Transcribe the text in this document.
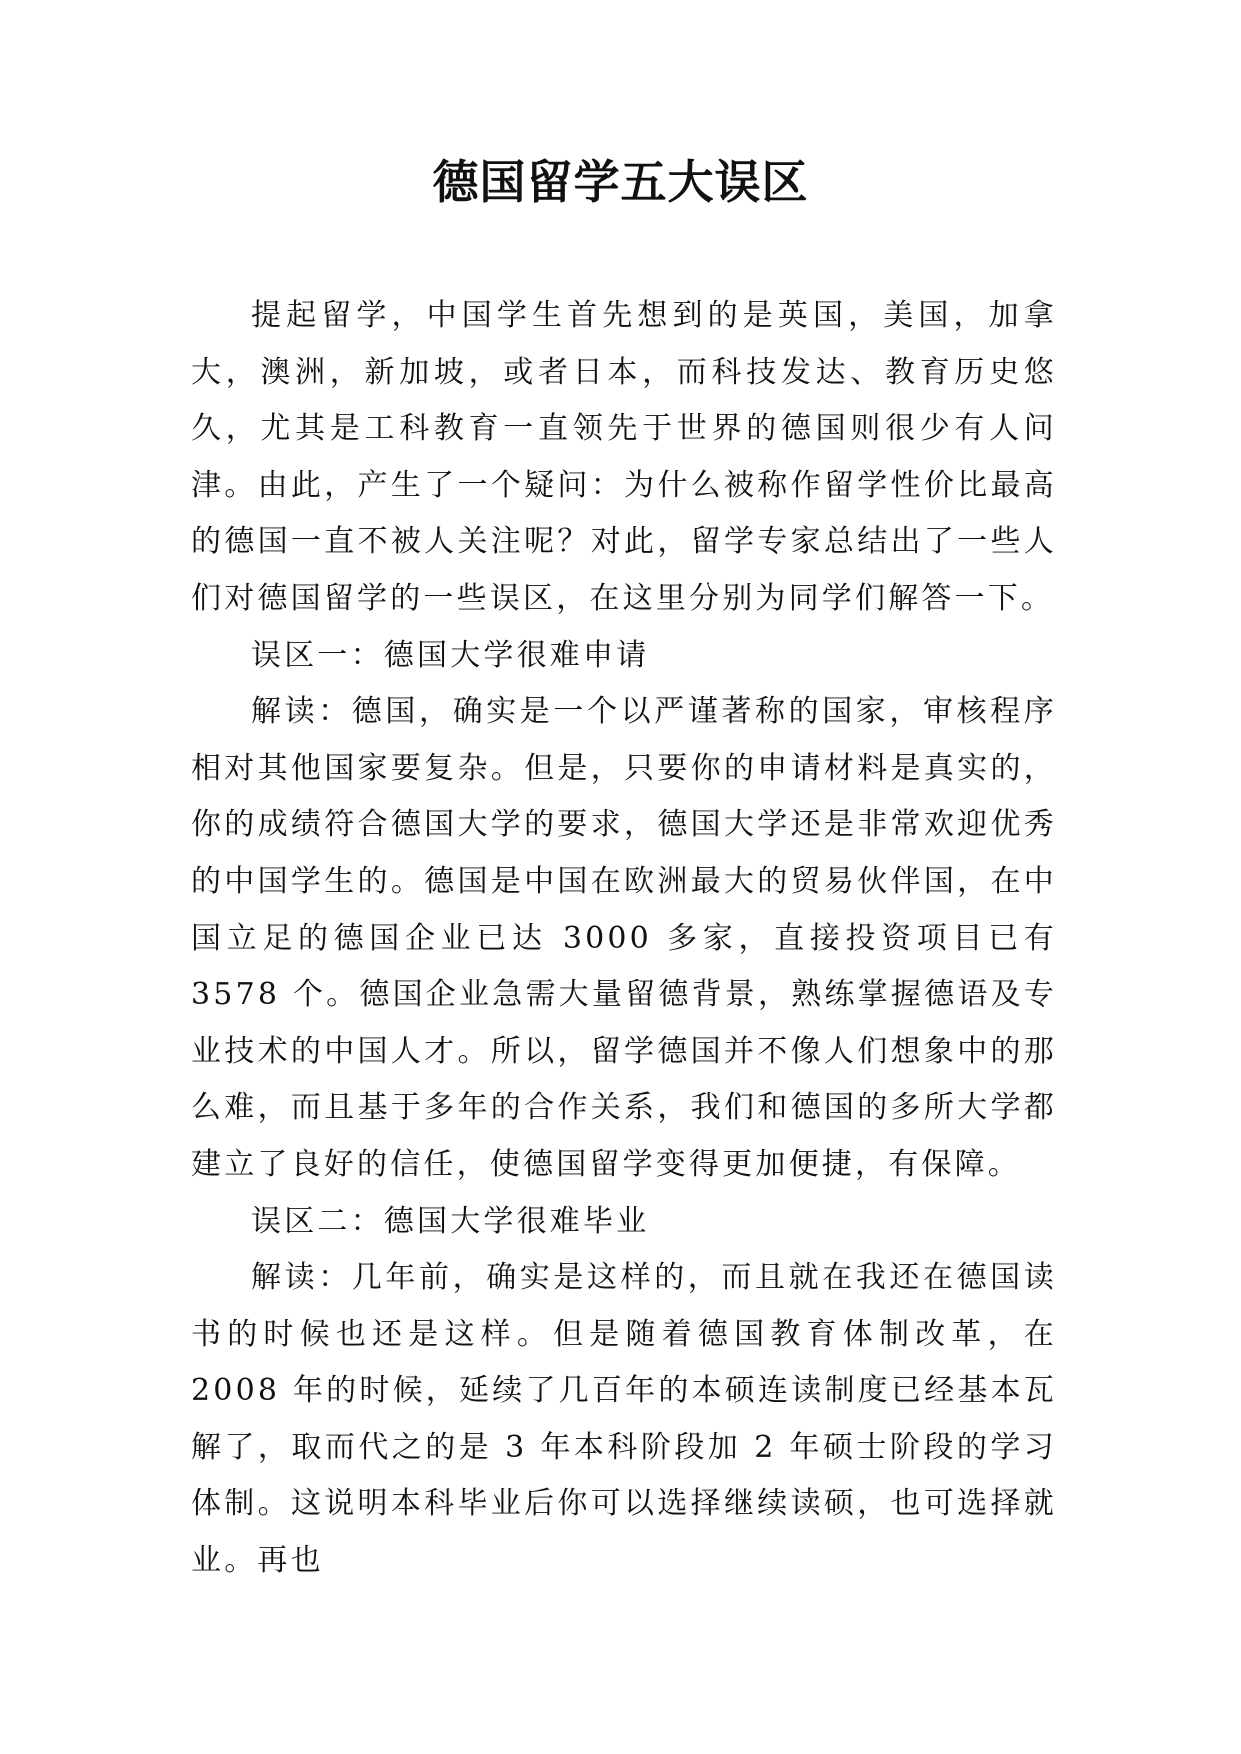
德国留学五大误区

提起留学，中国学生首先想到的是英国，美国，加拿大，澳洲，新加坡，或者日本，而科技发达、教育历史悠久，尤其是工科教育一直领先于世界的德国则很少有人问津。由此，产生了一个疑问：为什么被称作留学性价比最高的德国一直不被人关注呢？对此，留学专家总结出了一些人们对德国留学的一些误区，在这里分别为同学们解答一下。

误区一：德国大学很难申请

解读：德国，确实是一个以严谨著称的国家，审核程序相对其他国家要复杂。但是，只要你的申请材料是真实的，你的成绩符合德国大学的要求，德国大学还是非常欢迎优秀的中国学生的。德国是中国在欧洲最大的贸易伙伴国，在中国立足的德国企业已达 3000 多家，直接投资项目已有 3578 个。德国企业急需大量留德背景，熟练掌握德语及专业技术的中国人才。所以，留学德国并不像人们想象中的那么难，而且基于多年的合作关系，我们和德国的多所大学都建立了良好的信任，使德国留学变得更加便捷，有保障。

误区二：德国大学很难毕业

解读：几年前，确实是这样的，而且就在我还在德国读书的时候也还是这样。但是随着德国教育体制改革，在 2008 年的时候，延续了几百年的本硕连读制度已经基本瓦解了，取而代之的是 3 年本科阶段加 2 年硕士阶段的学习体制。这说明本科毕业后你可以选择继续读硕，也可选择就业。再也
